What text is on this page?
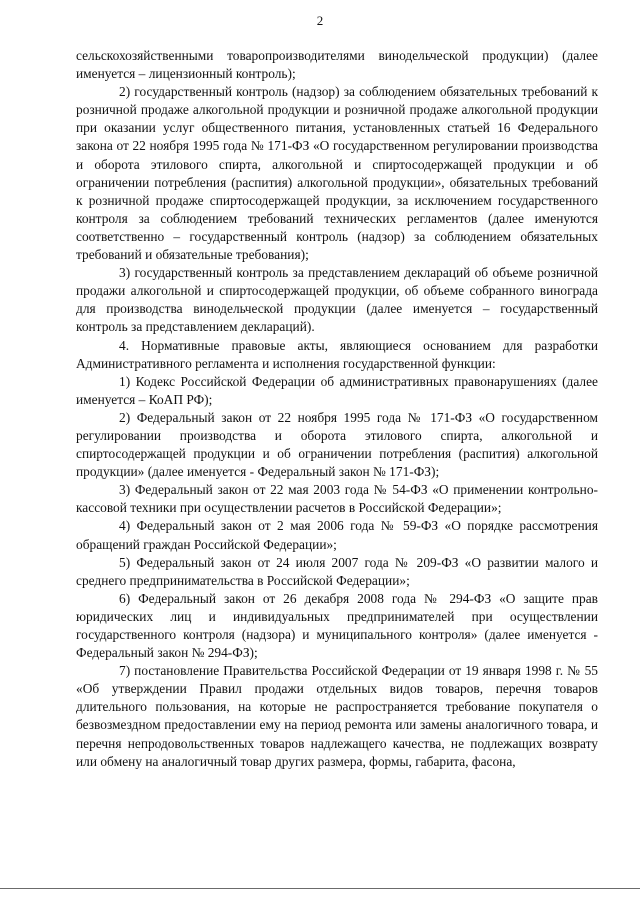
2

сельскохозяйственными товаропроизводителями винодельческой продукции) (далее именуется – лицензионный контроль);

2) государственный контроль (надзор) за соблюдением обязательных требований к розничной продаже алкогольной продукции и розничной продаже алкогольной продукции при оказании услуг общественного питания, установленных статьей 16 Федерального закона от 22 ноября 1995 года № 171-ФЗ «О государственном регулировании производства и оборота этилового спирта, алкогольной и спиртосодержащей продукции и об ограничении потребления (распития) алкогольной продукции», обязательных требований к розничной продаже спиртосодержащей продукции, за исключением государственного контроля за соблюдением требований технических регламентов (далее именуются соответственно – государственный контроль (надзор) за соблюдением обязательных требований и обязательные требования);

3) государственный контроль за представлением деклараций об объеме розничной продажи алкогольной и спиртосодержащей продукции, об объеме собранного винограда для производства винодельческой продукции (далее именуется – государственный контроль за представлением деклараций).

4. Нормативные правовые акты, являющиеся основанием для разработки Административного регламента и исполнения государственной функции:

1) Кодекс Российской Федерации об административных правонарушениях (далее именуется – КоАП РФ);

2) Федеральный закон от 22 ноября 1995 года № 171-ФЗ «О государственном регулировании производства и оборота этилового спирта, алкогольной и спиртосодержащей продукции и об ограничении потребления (распития) алкогольной продукции» (далее именуется - Федеральный закон № 171-ФЗ);

3) Федеральный закон от 22 мая 2003 года № 54-ФЗ «О применении контрольно-кассовой техники при осуществлении расчетов в Российской Федерации»;

4) Федеральный закон от 2 мая 2006 года № 59-ФЗ «О порядке рассмотрения обращений граждан Российской Федерации»;

5) Федеральный закон от 24 июля 2007 года № 209-ФЗ «О развитии малого и среднего предпринимательства в Российской Федерации»;

6) Федеральный закон от 26 декабря 2008 года № 294-ФЗ «О защите прав юридических лиц и индивидуальных предпринимателей при осуществлении государственного контроля (надзора) и муниципального контроля» (далее именуется - Федеральный закон № 294-ФЗ);

7) постановление Правительства Российской Федерации от 19 января 1998 г. № 55 «Об утверждении Правил продажи отдельных видов товаров, перечня товаров длительного пользования, на которые не распространяется требование покупателя о безвозмездном предоставлении ему на период ремонта или замены аналогичного товара, и перечня непродовольственных товаров надлежащего качества, не подлежащих возврату или обмену на аналогичный товар других размера, формы, габарита, фасона,
